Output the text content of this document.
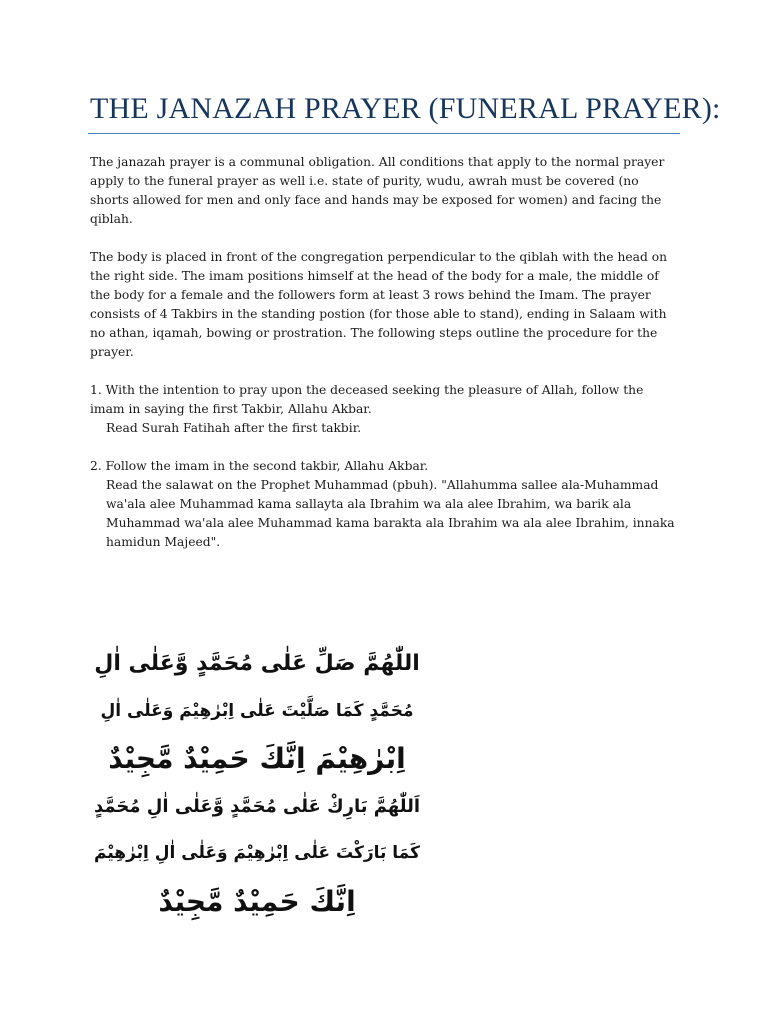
THE JANAZAH PRAYER (FUNERAL PRAYER):

The janazah prayer is a communal obligation. All conditions that apply to the normal prayer apply to the funeral prayer as well i.e. state of purity, wudu, awrah must be covered (no shorts allowed for men and only face and hands may be exposed for women) and facing the qiblah.

The body is placed in front of the congregation perpendicular to the qiblah with the head on the right side. The imam positions himself at the head of the body for a male, the middle of the body for a female and the followers form at least 3 rows behind the Imam. The prayer consists of 4 Takbirs in the standing postion (for those able to stand), ending in Salaam with no athan, iqamah, bowing or prostration. The following steps outline the procedure for the prayer.

1. With the intention to pray upon the deceased seeking the pleasure of Allah, follow the imam in saying the first Takbir, Allahu Akbar.

Read Surah Fatihah after the first takbir.

2. Follow the imam in the second takbir, Allahu Akbar.

Read the salawat on the Prophet Muhammad (pbuh). "Allahumma sallee ala-Muhammad wa'ala alee Muhammad kama sallayta ala Ibrahim wa ala alee Ibrahim, wa barik ala Muhammad wa'ala alee Muhammad kama barakta ala Ibrahim wa ala alee Ibrahim, innaka hamidun Majeed".

اللّٰهُمَّ صَلِّ عَلٰى مُحَمَّدٍ وَّعَلٰى اٰلِ
مُحَمَّدٍ كَمَا صَلَّيْتَ عَلٰى اِبْرٰهِيْمَ وَعَلٰى اٰلِ
اِبْرٰهِيْمَ اِنَّكَ حَمِيْدٌ مَّجِيْدٌ
اَللّٰهُمَّ بَارِكْ عَلٰى مُحَمَّدٍ وَّعَلٰى اٰلِ مُحَمَّدٍ
كَمَا بَارَكْتَ عَلٰى اِبْرٰهِيْمَ وَعَلٰى اٰلِ اِبْرٰهِيْمَ
اِنَّكَ حَمِيْدٌ مَّجِيْدٌ
